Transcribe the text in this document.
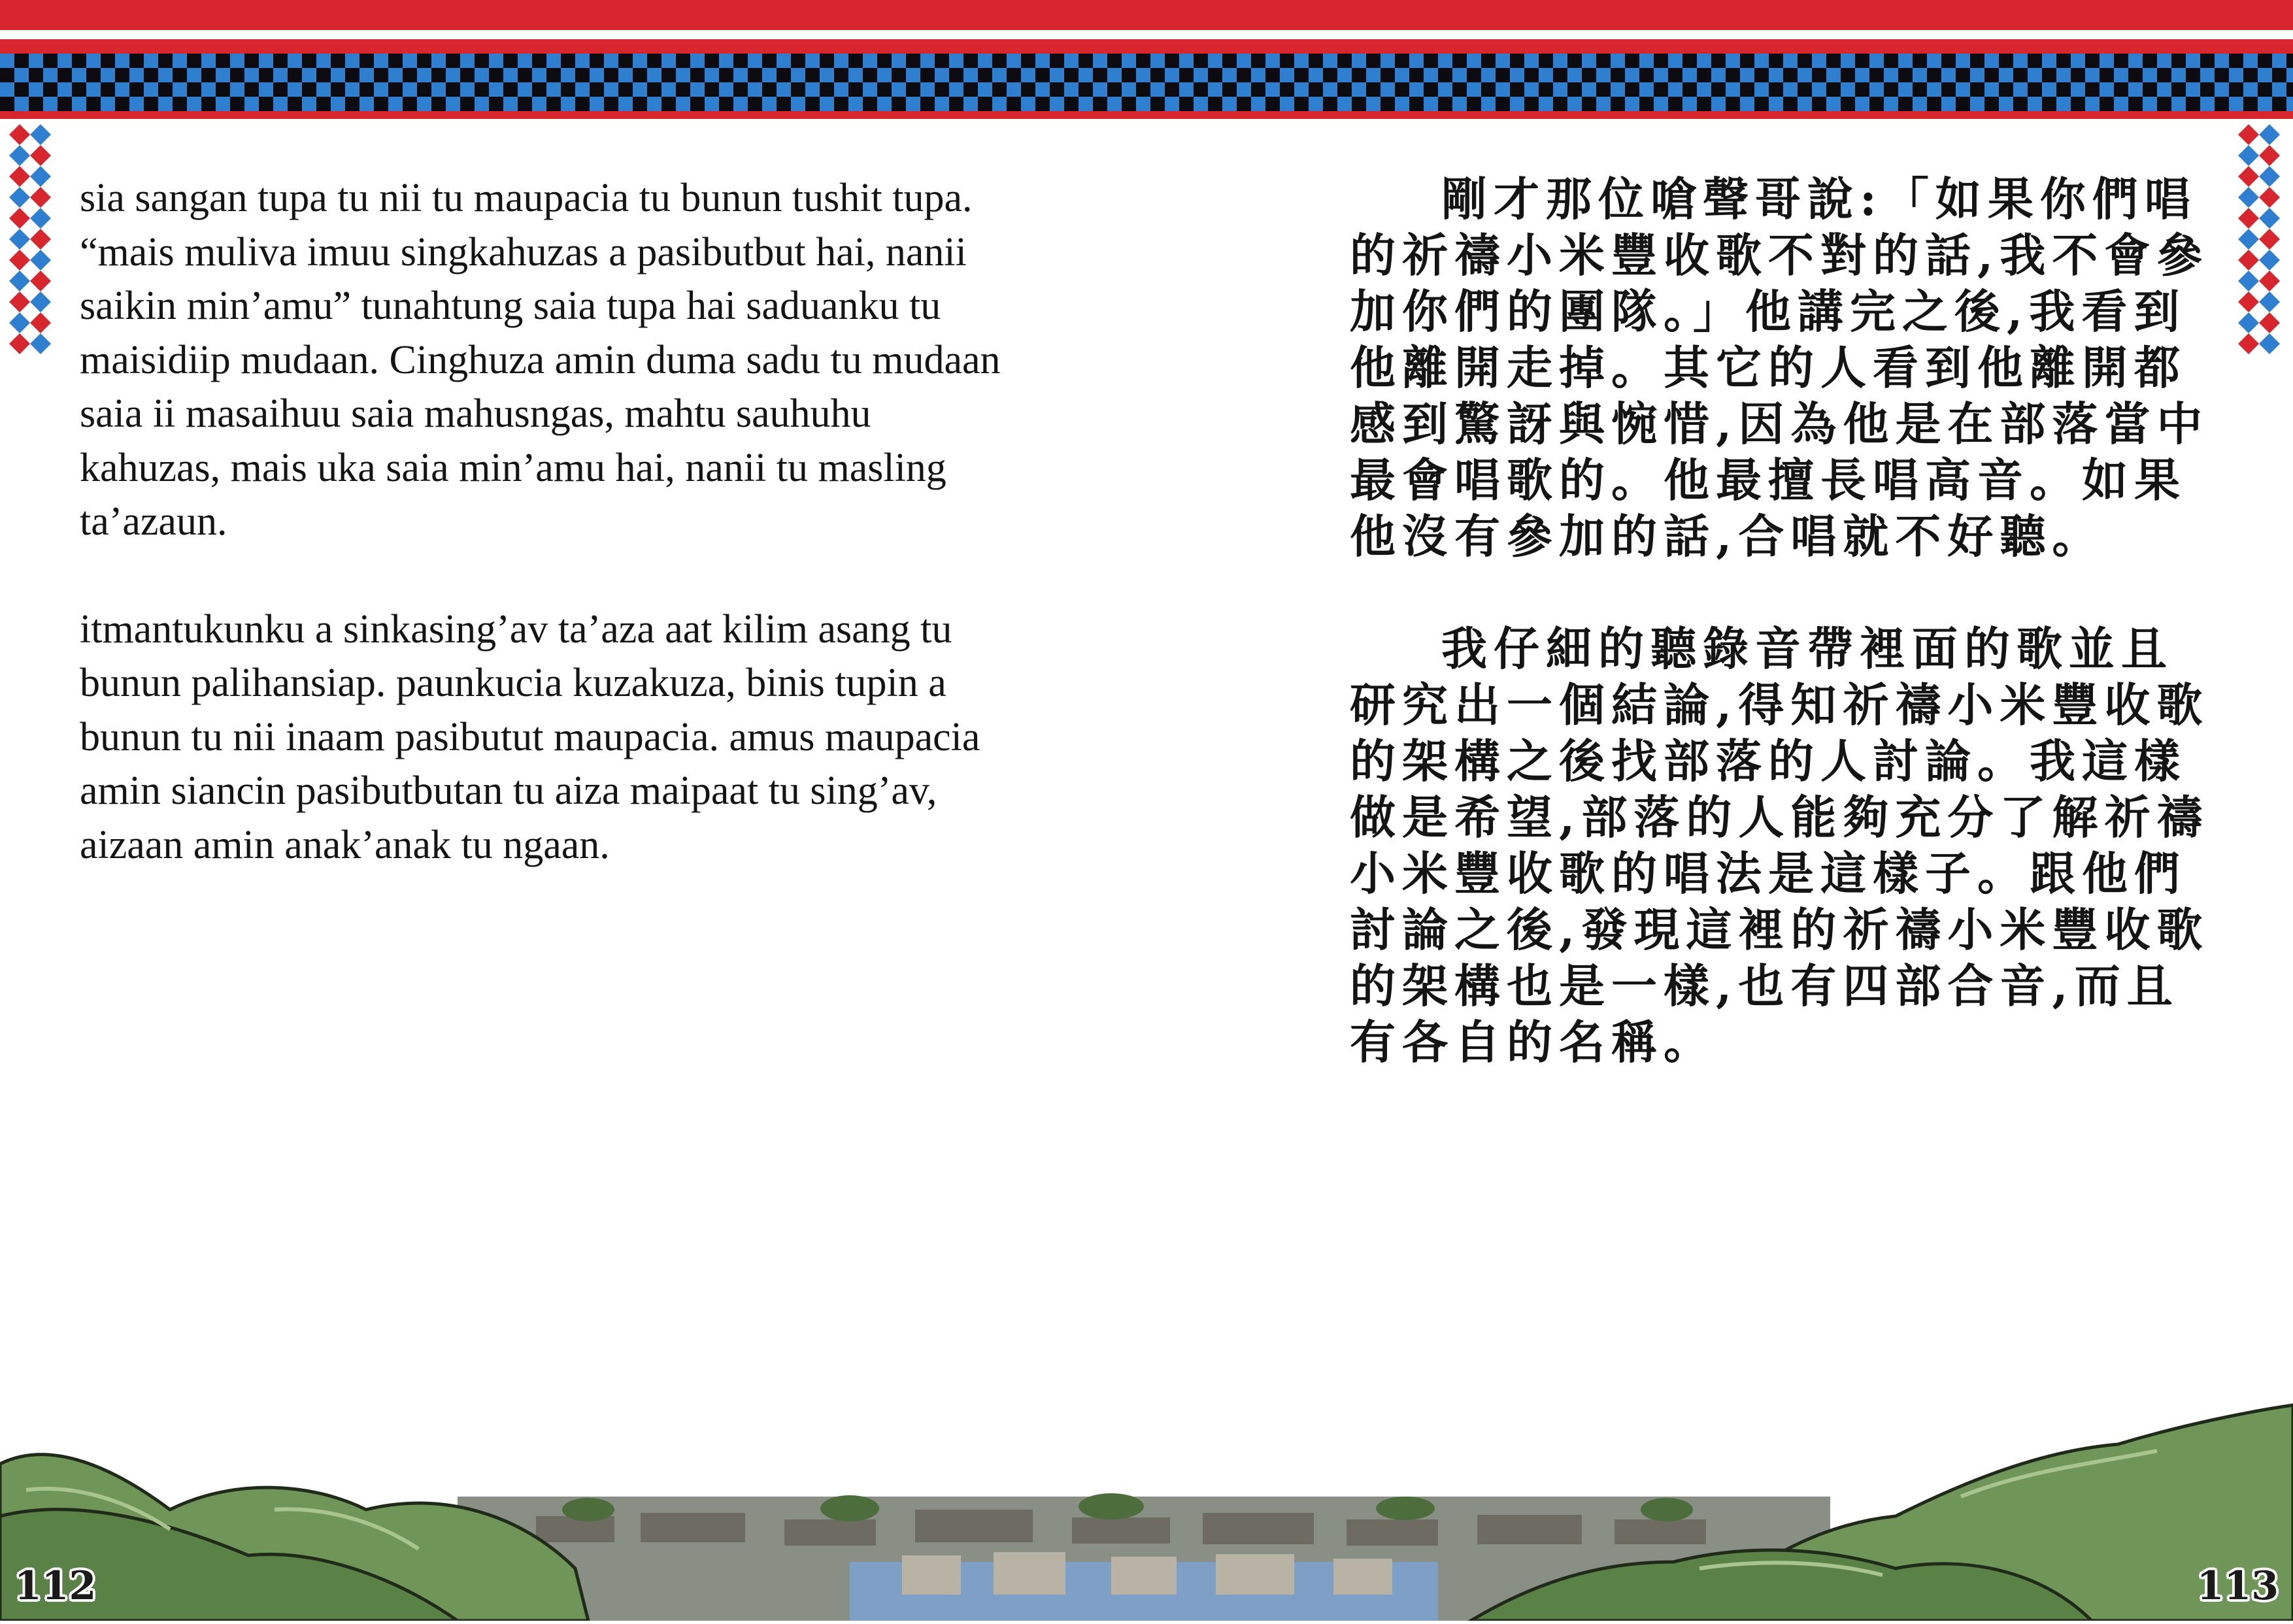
sia sangan tupa tu nii tu maupacia tu bunun tushit tupa. “mais muliva imuu singkahuzas a pasibutbut hai, nanii saikin min’amu” tunahtung saia tupa hai saduanku tu maisidiip mudaan. Cinghuza amin duma sadu tu mudaan saia ii masaihuu saia mahusngas, mahtu sauhuhu kahuzas, mais uka saia min’amu hai, nanii tu masling ta’azaun.

itmantukunku a sinkasing’av ta’aza aat kilim asang tu bunun palihansiap. paunkucia kuzakuza, binis tupin a bunun tu nii inaam pasibutut maupacia. amus maupacia amin siancin pasibutbutan tu aiza maipaat tu sing’av, aizaan amin anak’anak tu ngaan.

剛才那位嗆聲哥說:「如果你們唱的祈禱小米豐收歌不對的話,我不會參加你們的團隊。」他講完之後,我看到他離開走掉。其它的人看到他離開都感到驚訝與惋惜,因為他是在部落當中最會唱歌的。他最擅長唱高音。如果他沒有參加的話,合唱就不好聽。

我仔細的聽錄音帶裡面的歌並且研究出一個結論,得知祈禱小米豐收歌的架構之後找部落的人討論。我這樣做是希望,部落的人能夠充分了解祈禱小米豐收歌的唱法是這樣子。跟他們討論之後,發現這裡的祈禱小米豐收歌的架構也是一樣,也有四部合音,而且有各自的名稱。

112	113
